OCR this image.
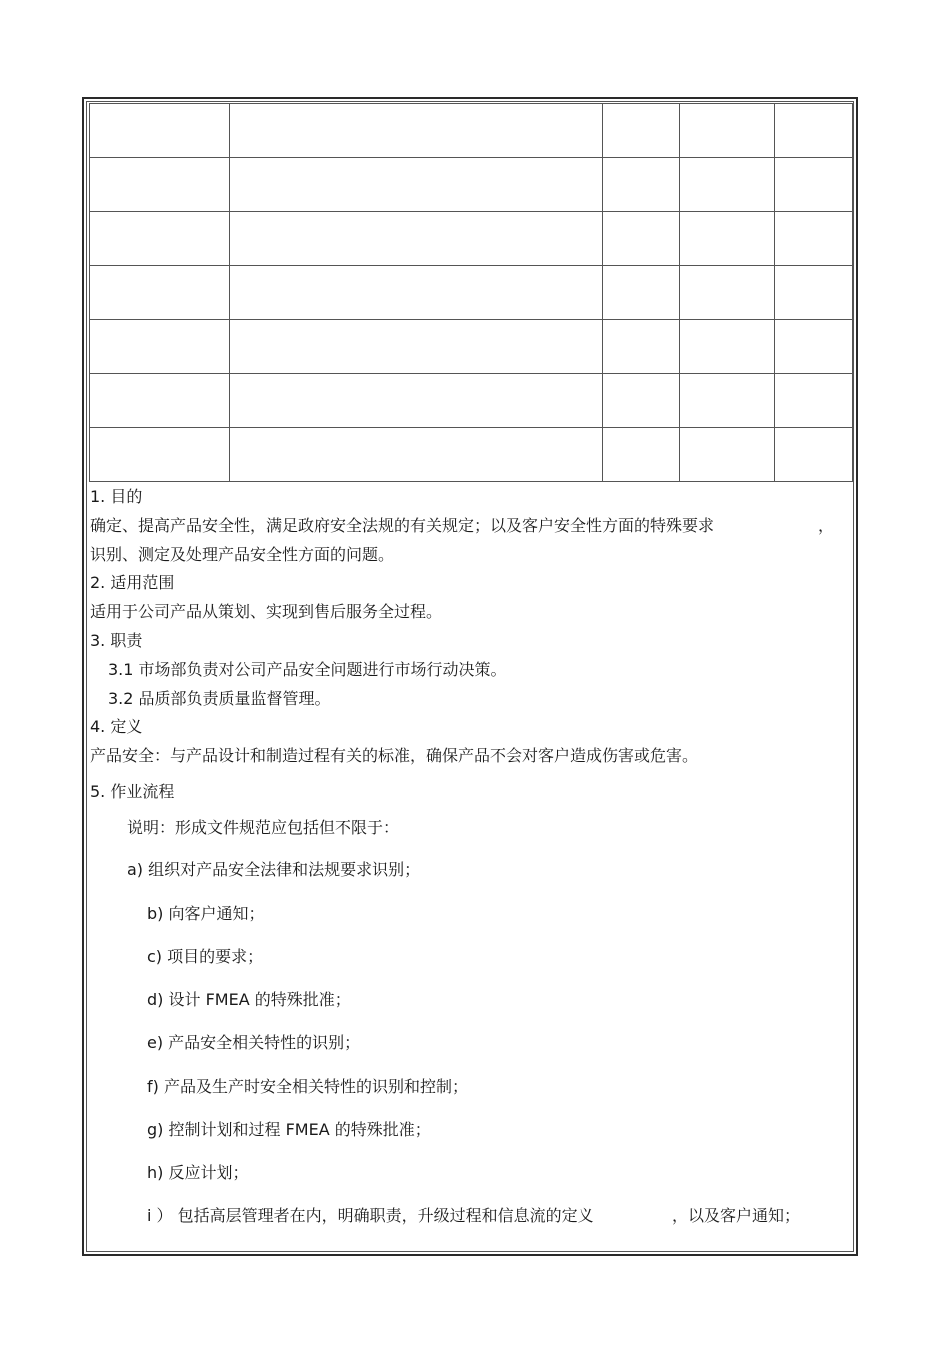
1. 目的
确定、提高产品安全性，满足政府安全法规的有关规定；以及客户安全性方面的特殊要求	，
识别、测定及处理产品安全性方面的问题。
2. 适用范围
适用于公司产品从策划、实现到售后服务全过程。
3. 职责
3.1 市场部负责对公司产品安全问题进行市场行动决策。
3.2 品质部负责质量监督管理。
4. 定义
产品安全：与产品设计和制造过程有关的标准，确保产品不会对客户造成伤害或危害。
5. 作业流程
说明：形成文件规范应包括但不限于：
a) 组织对产品安全法律和法规要求识别；
b) 向客户通知；
c) 项目的要求；
d) 设计 FMEA 的特殊批准；
e) 产品安全相关特性的识别；
f) 产品及生产时安全相关特性的识别和控制；
g) 控制计划和过程 FMEA 的特殊批准；
h) 反应计划；
i ） 包括高层管理者在内，明确职责，升级过程和信息流的定义	，以及客户通知；
